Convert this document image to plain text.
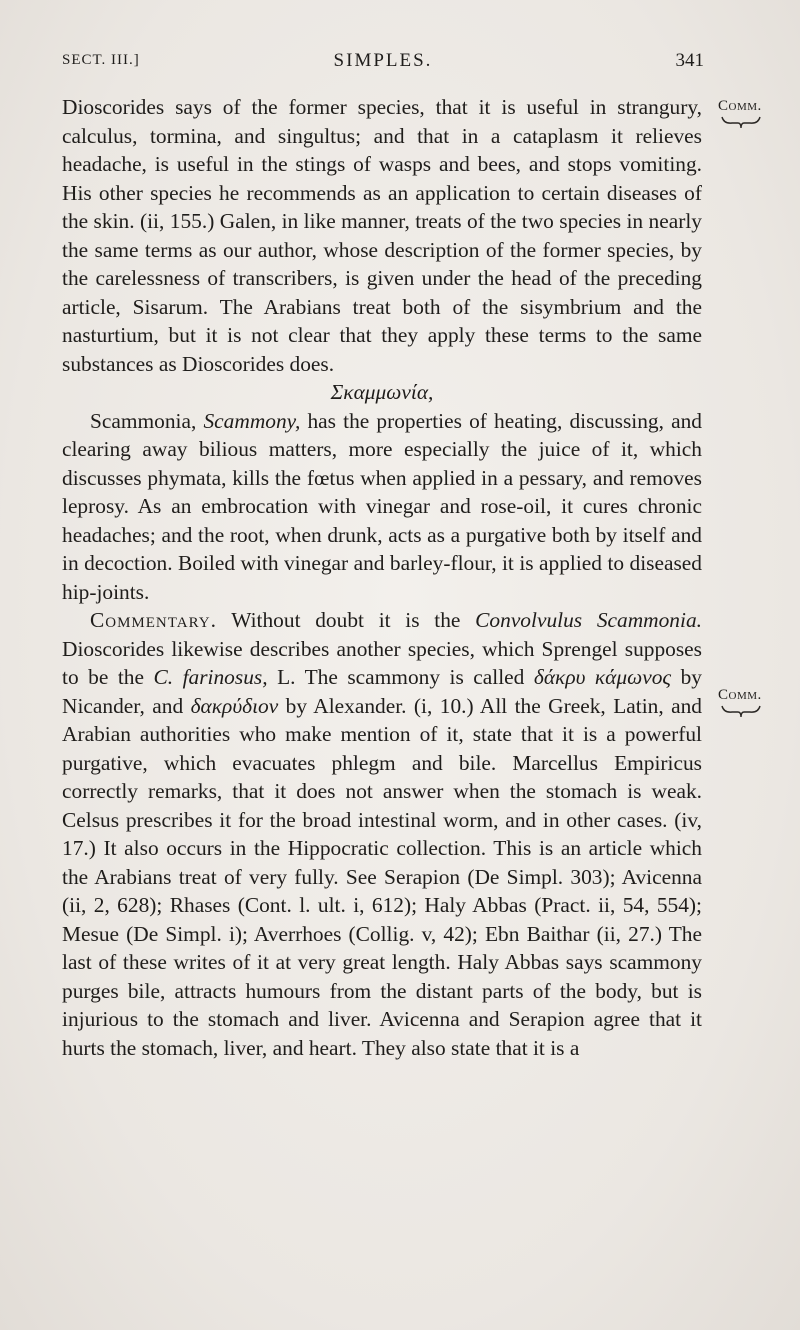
SECT. III.]	SIMPLES.	341
Comm.
Comm.

Dioscorides says of the former species, that it is useful in strangury, calculus, tormina, and singultus; and that in a cataplasm it relieves headache, is useful in the stings of wasps and bees, and stops vomiting. His other species he recommends as an application to certain diseases of the skin. (ii, 155.) Galen, in like manner, treats of the two species in nearly the same terms as our author, whose description of the former species, by the carelessness of transcribers, is given under the head of the preceding article, Sisarum. The Arabians treat both of the sisymbrium and the nasturtium, but it is not clear that they apply these terms to the same substances as Dioscorides does.

Σκαμμωνία,

Scammonia, Scammony, has the properties of heating, discussing, and clearing away bilious matters, more especially the juice of it, which discusses phymata, kills the fœtus when applied in a pessary, and removes leprosy. As an embrocation with vinegar and rose-oil, it cures chronic headaches; and the root, when drunk, acts as a purgative both by itself and in decoction. Boiled with vinegar and barley-flour, it is applied to diseased hip-joints.

Commentary. Without doubt it is the Convolvulus Scammonia. Dioscorides likewise describes another species, which Sprengel supposes to be the C. farinosus, L. The scammony is called δάκρυ κάμωνος by Nicander, and δακρύδιον by Alexander. (i, 10.) All the Greek, Latin, and Arabian authorities who make mention of it, state that it is a powerful purgative, which evacuates phlegm and bile. Marcellus Empiricus correctly remarks, that it does not answer when the stomach is weak. Celsus prescribes it for the broad intestinal worm, and in other cases. (iv, 17.) It also occurs in the Hippocratic collection. This is an article which the Arabians treat of very fully. See Serapion (De Simpl. 303); Avicenna (ii, 2, 628); Rhases (Cont. l. ult. i, 612); Haly Abbas (Pract. ii, 54, 554); Mesue (De Simpl. i); Averrhoes (Collig. v, 42); Ebn Baithar (ii, 27.) The last of these writes of it at very great length. Haly Abbas says scammony purges bile, attracts humours from the distant parts of the body, but is injurious to the stomach and liver. Avicenna and Serapion agree that it hurts the stomach, liver, and heart. They also state that it is a
